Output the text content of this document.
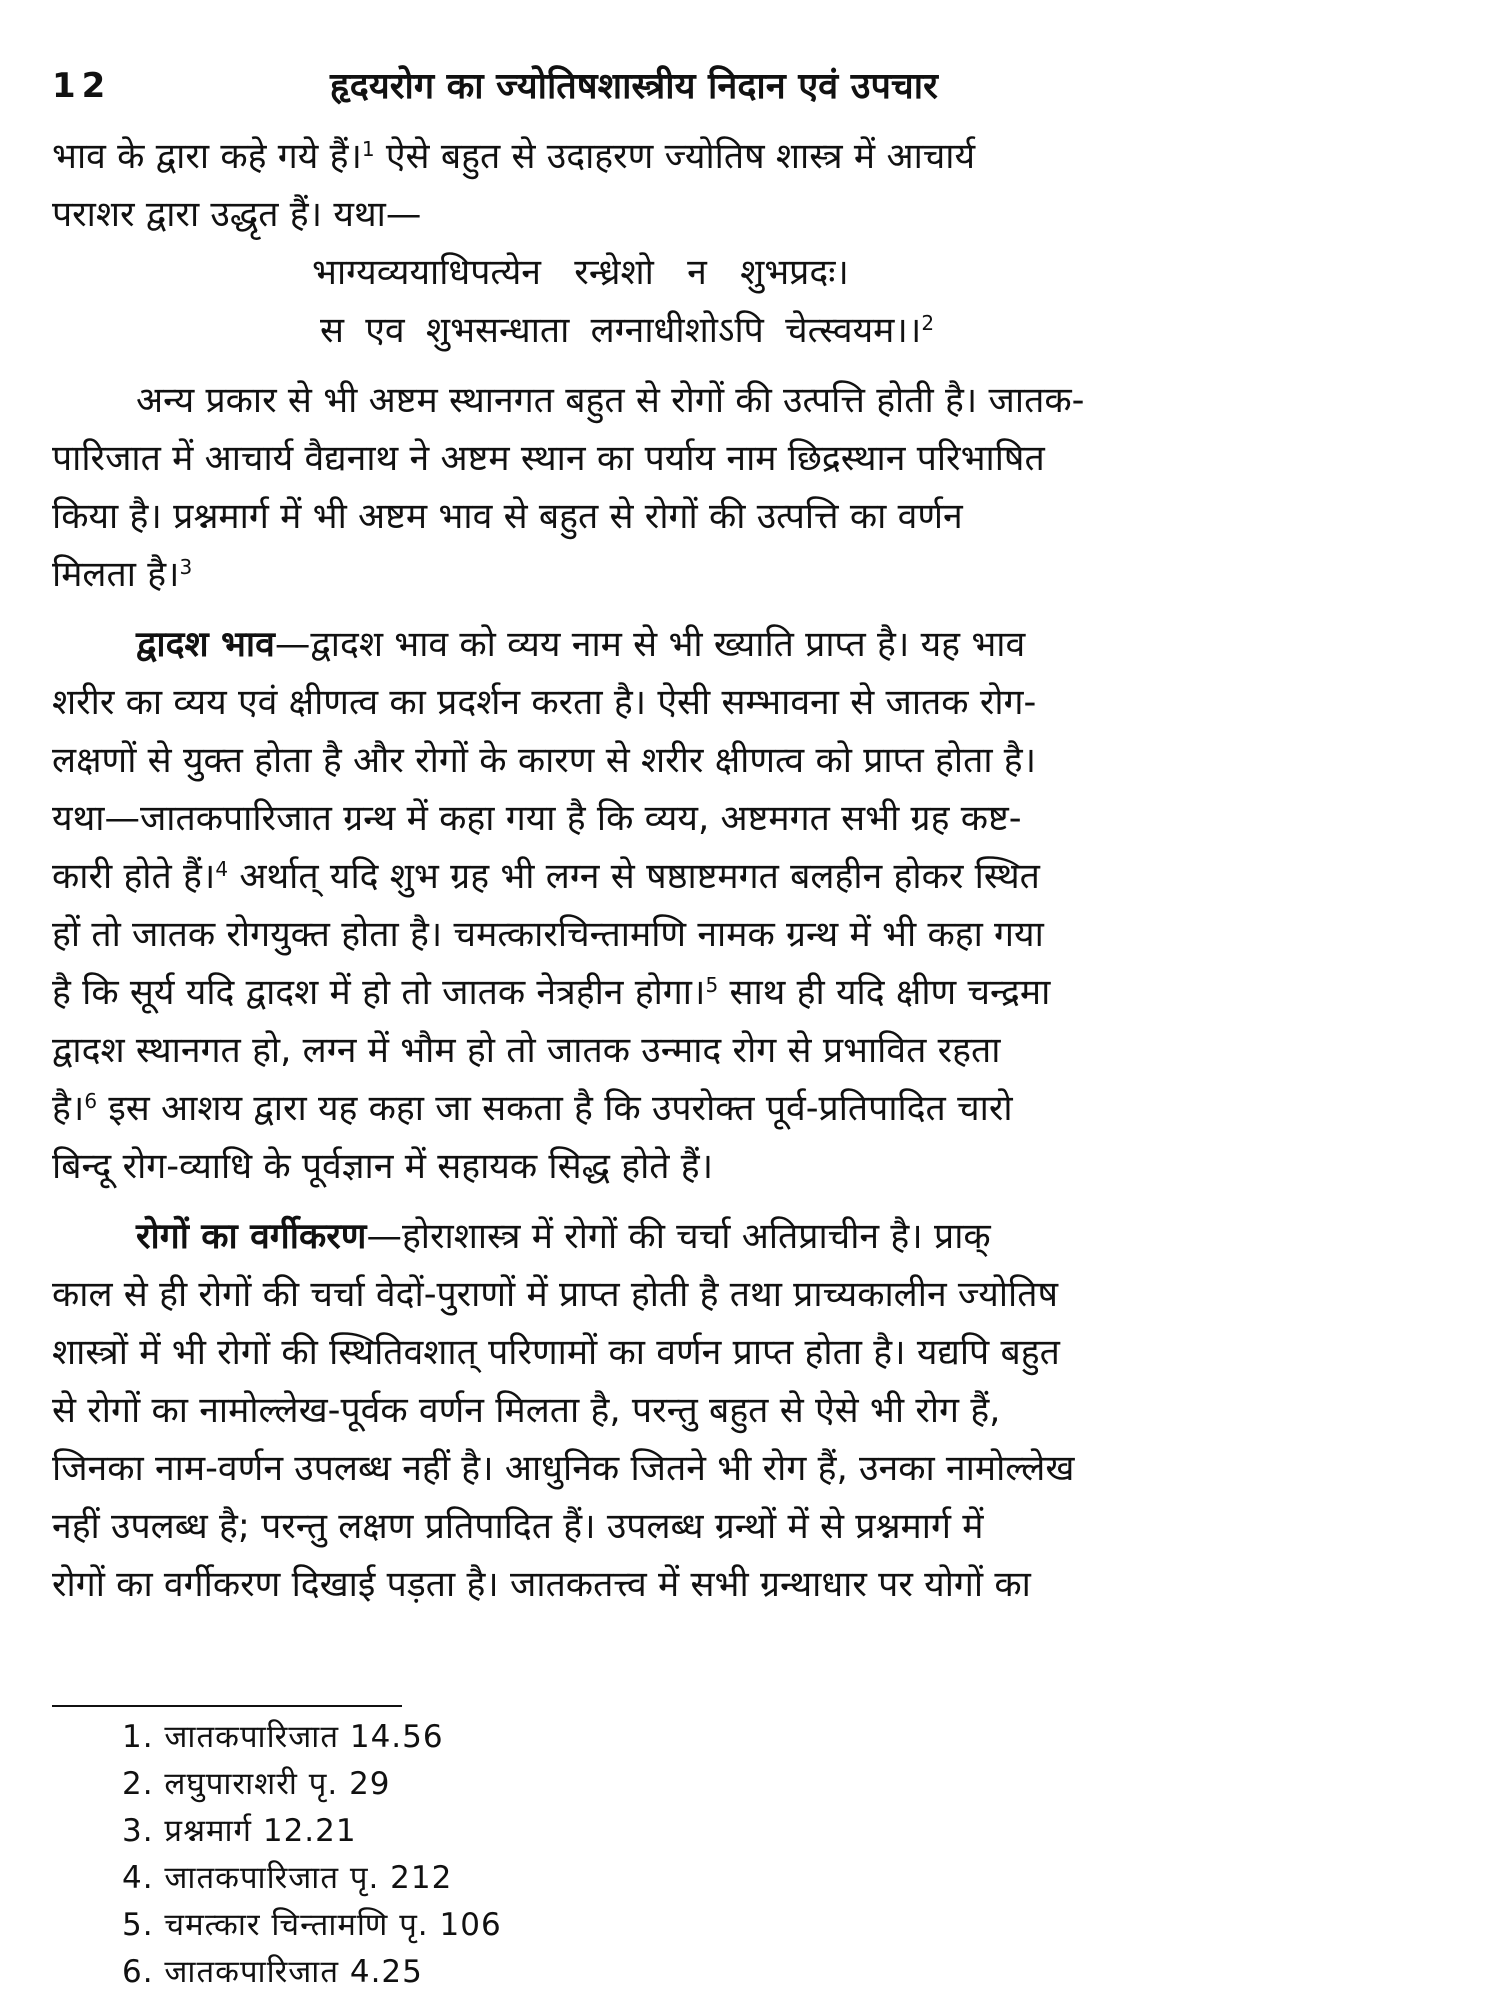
12	हृदयरोग का ज्योतिषशास्त्रीय निदान एवं उपचार
भाव के द्वारा कहे गये हैं।$^1$ ऐसे बहुत से उदाहरण ज्योतिष शास्त्र में आचार्य
पराशर द्वारा उद्धृत हैं। यथा—
भाग्यव्ययाधिपत्येन रन्ध्रेशो न शुभप्रदः।
स एव शुभसन्धाता लग्नाधीशोऽपि चेत्स्वयम।।$^2$
अन्य प्रकार से भी अष्टम स्थानगत बहुत से रोगों की उत्पत्ति होती है। जातक-
पारिजात में आचार्य वैद्यनाथ ने अष्टम स्थान का पर्याय नाम छिद्रस्थान परिभाषित
किया है। प्रश्नमार्ग में भी अष्टम भाव से बहुत से रोगों की उत्पत्ति का वर्णन
मिलता है।$^3$
द्वादश भाव—द्वादश भाव को व्यय नाम से भी ख्याति प्राप्त है। यह भाव
शरीर का व्यय एवं क्षीणत्व का प्रदर्शन करता है। ऐसी सम्भावना से जातक रोग-
लक्षणों से युक्त होता है और रोगों के कारण से शरीर क्षीणत्व को प्राप्त होता है।
यथा—जातकपारिजात ग्रन्थ में कहा गया है कि व्यय, अष्टमगत सभी ग्रह कष्ट-
कारी होते हैं।$^4$ अर्थात् यदि शुभ ग्रह भी लग्न से षष्ठाष्टमगत बलहीन होकर स्थित
हों तो जातक रोगयुक्त होता है। चमत्कारचिन्तामणि नामक ग्रन्थ में भी कहा गया
है कि सूर्य यदि द्वादश में हो तो जातक नेत्रहीन होगा।$^5$ साथ ही यदि क्षीण चन्द्रमा
द्वादश स्थानगत हो, लग्न में भौम हो तो जातक उन्माद रोग से प्रभावित रहता
है।$^6$ इस आशय द्वारा यह कहा जा सकता है कि उपरोक्त पूर्व-प्रतिपादित चारो
बिन्दू रोग-व्याधि के पूर्वज्ञान में सहायक सिद्ध होते हैं।
रोगों का वर्गीकरण—होराशास्त्र में रोगों की चर्चा अतिप्राचीन है। प्राक्
काल से ही रोगों की चर्चा वेदों-पुराणों में प्राप्त होती है तथा प्राच्यकालीन ज्योतिष
शास्त्रों में भी रोगों की स्थितिवशात् परिणामों का वर्णन प्राप्त होता है। यद्यपि बहुत
से रोगों का नामोल्लेख-पूर्वक वर्णन मिलता है, परन्तु बहुत से ऐसे भी रोग हैं,
जिनका नाम-वर्णन उपलब्ध नहीं है। आधुनिक जितने भी रोग हैं, उनका नामोल्लेख
नहीं उपलब्ध है; परन्तु लक्षण प्रतिपादित हैं। उपलब्ध ग्रन्थों में से प्रश्नमार्ग में
रोगों का वर्गीकरण दिखाई पड़ता है। जातकतत्त्व में सभी ग्रन्थाधार पर योगों का
1. जातकपारिजात 14.56
2. लघुपाराशरी पृ. 29
3. प्रश्नमार्ग 12.21
4. जातकपारिजात पृ. 212
5. चमत्कार चिन्तामणि पृ. 106
6. जातकपारिजात 4.25
